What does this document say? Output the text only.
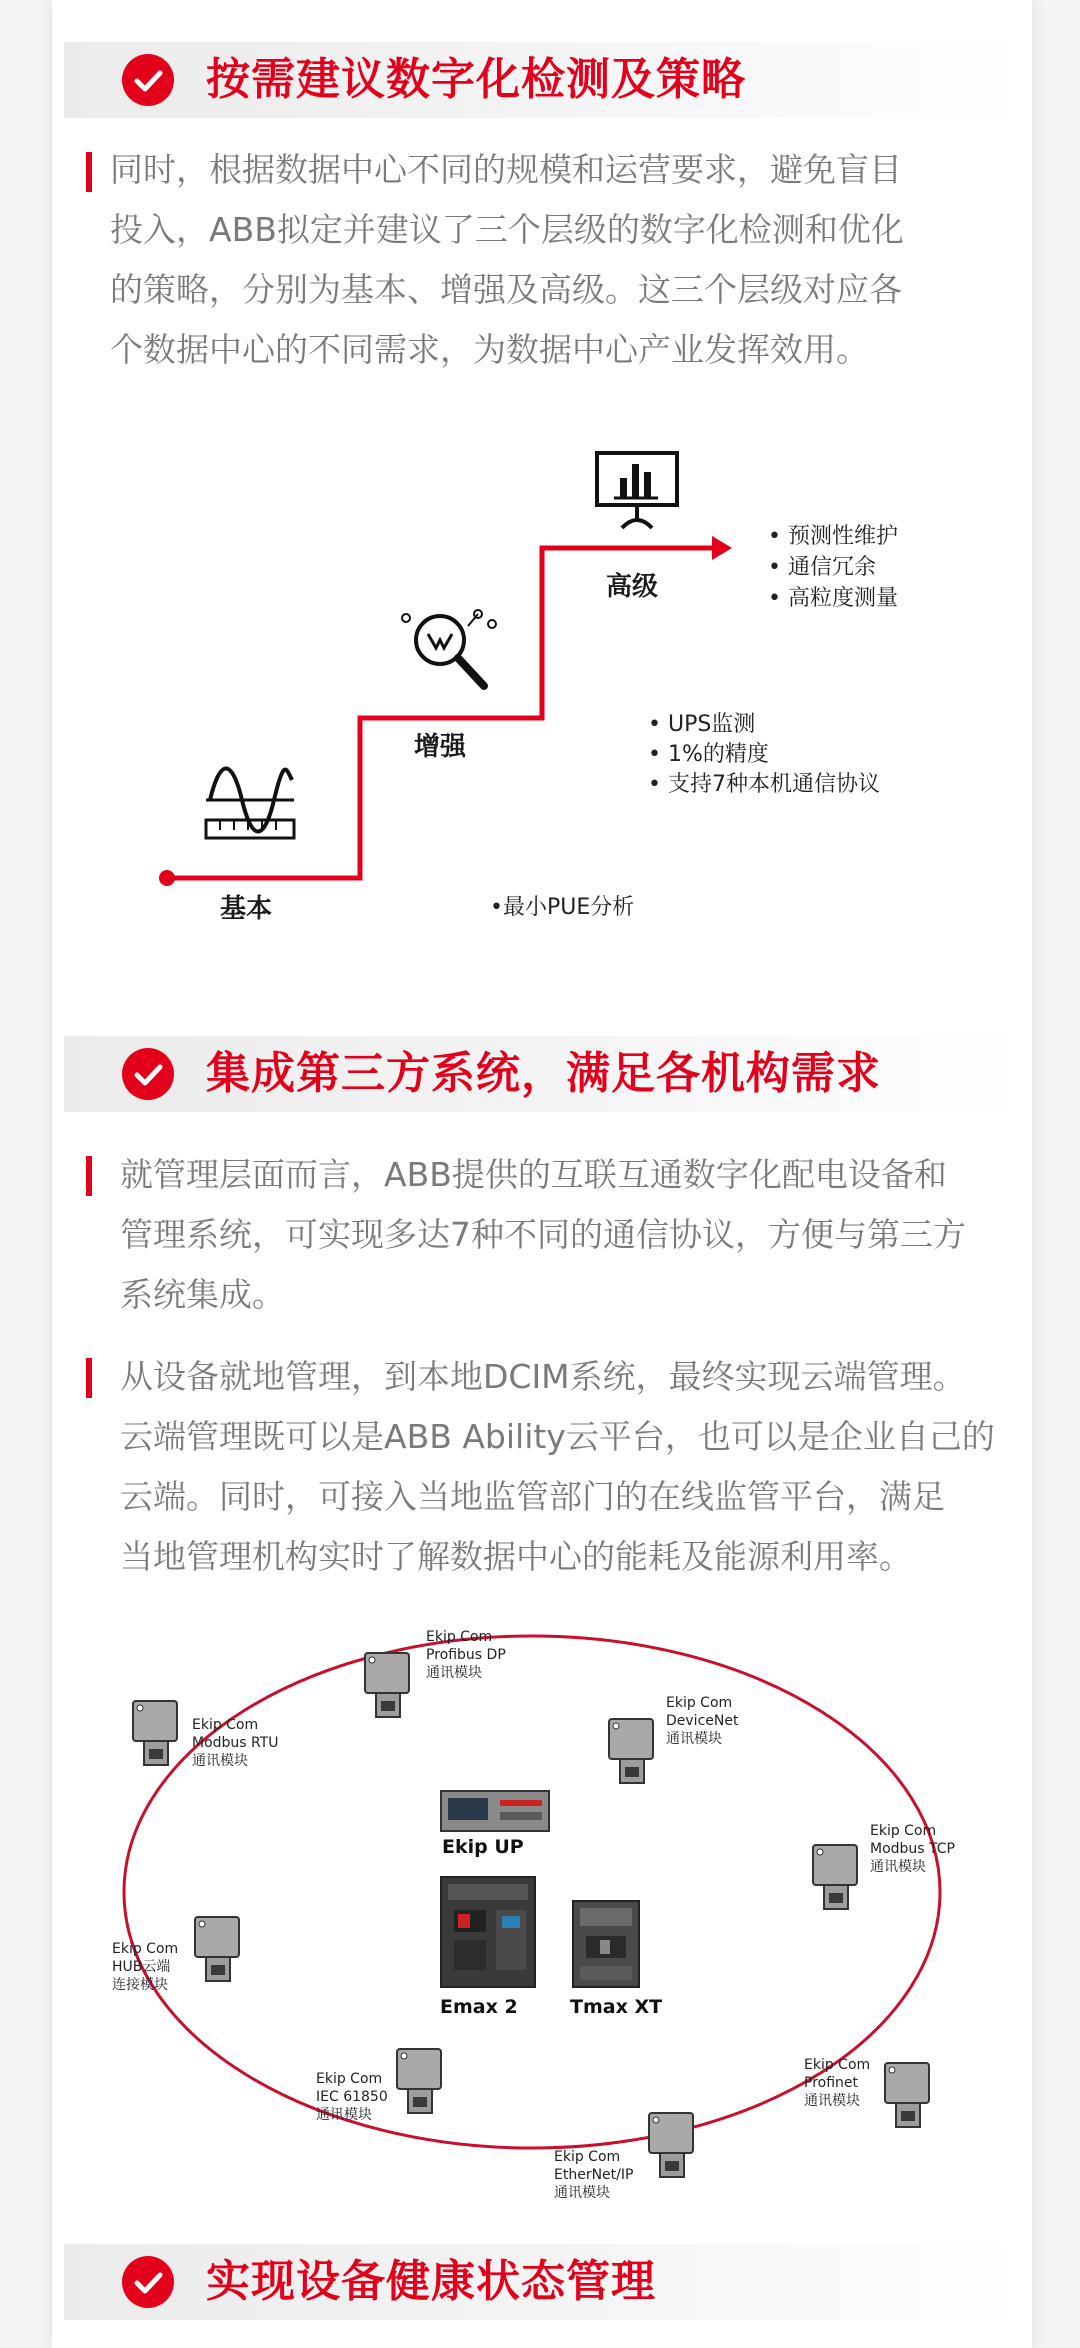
按需建议数字化检测及策略
同时，根据数据中心不同的规模和运营要求，避免盲目
投入，ABB拟定并建议了三个层级的数字化检测和优化
的策略，分别为基本、增强及高级。这三个层级对应各
个数据中心的不同需求，为数据中心产业发挥效用。
基本	•最小PUE分析
增强
• UPS监测
• 1%的精度
• 支持7种本机通信协议
高级
• 预测性维护
• 通信冗余
• 高粒度测量
集成第三方系统，满足各机构需求
就管理层面而言，ABB提供的互联互通数字化配电设备和
管理系统，可实现多达7种不同的通信协议，方便与第三方
系统集成。
从设备就地管理，到本地DCIM系统，最终实现云端管理。
云端管理既可以是ABB Ability云平台，也可以是企业自己的
云端。同时，可接入当地监管部门的在线监管平台，满足
当地管理机构实时了解数据中心的能耗及能源利用率。
Ekip Com
Profibus DP
通讯模块
Ekip Com
DeviceNet
通讯模块
Ekip Com
Modbus TCP
通讯模块
Ekip Com
Profinet
通讯模块
Ekip Com
EtherNet/IP
通讯模块
Ekip Com
IEC 61850
通讯模块
Ekip Com
HUB云端
连接模块
Ekip Com
Modbus RTU
通讯模块
Ekip UP
Emax 2	Tmax XT
实现设备健康状态管理
